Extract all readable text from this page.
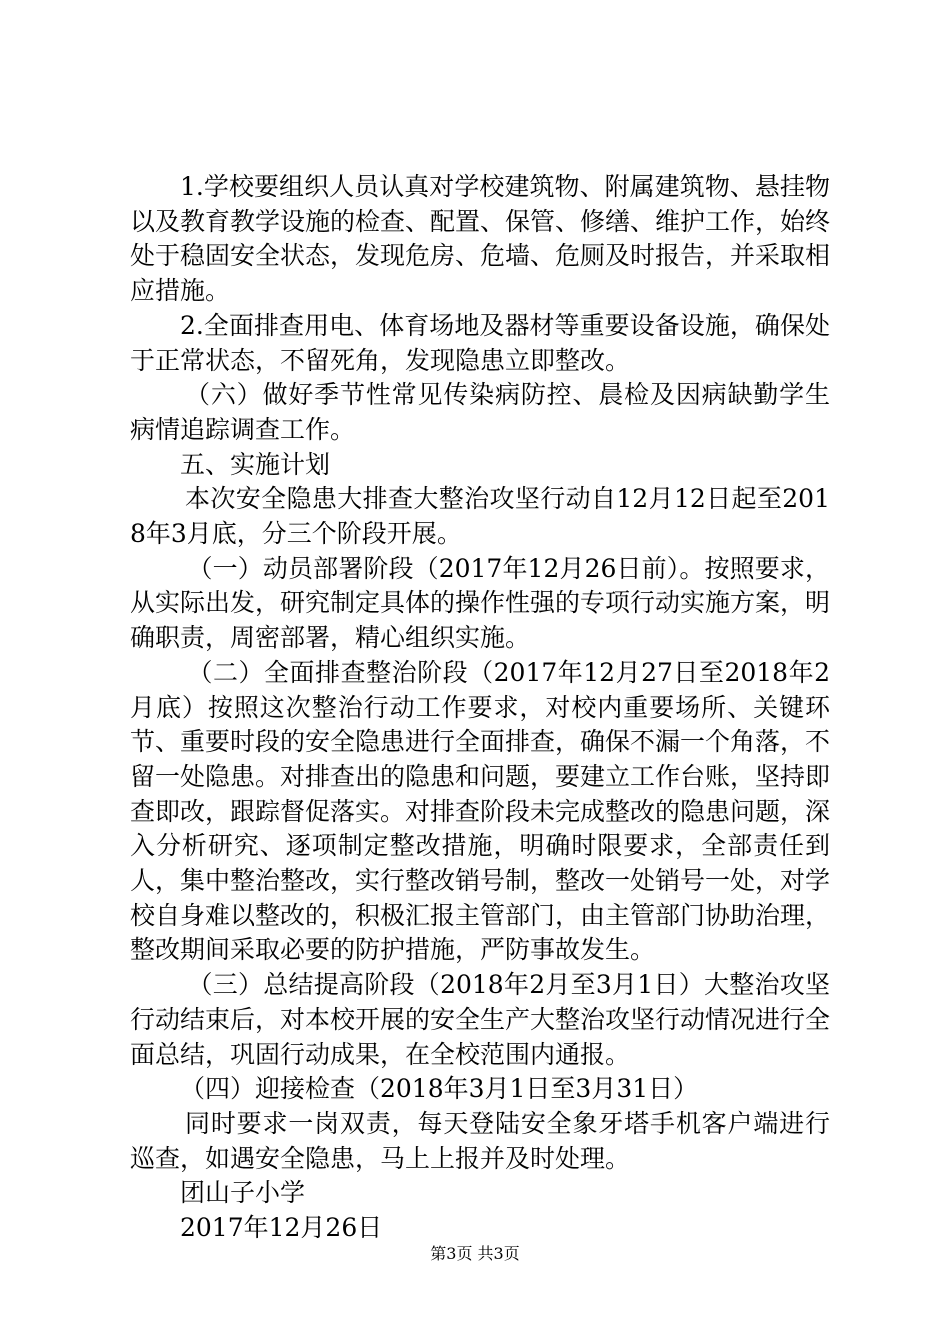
1.学校要组织人员认真对学校建筑物、附属建筑物、悬挂物以及教育教学设施的检查、配置、保管、修缮、维护工作，始终处于稳固安全状态，发现危房、危墙、危厕及时报告，并采取相应措施。

2.全面排查用电、体育场地及器材等重要设备设施，确保处于正常状态，不留死角，发现隐患立即整改。

（六）做好季节性常见传染病防控、晨检及因病缺勤学生病情追踪调查工作。

五、实施计划

本次安全隐患大排查大整治攻坚行动自12月12日起至2018年3月底，分三个阶段开展。

（一）动员部署阶段（2017年12月26日前）。按照要求，从实际出发，研究制定具体的操作性强的专项行动实施方案，明确职责，周密部署，精心组织实施。

（二）全面排查整治阶段（2017年12月27日至2018年2月底）按照这次整治行动工作要求，对校内重要场所、关键环节、重要时段的安全隐患进行全面排查，确保不漏一个角落，不留一处隐患。对排查出的隐患和问题，要建立工作台账，坚持即查即改，跟踪督促落实。对排查阶段未完成整改的隐患问题，深入分析研究、逐项制定整改措施，明确时限要求，全部责任到人，集中整治整改，实行整改销号制，整改一处销号一处，对学校自身难以整改的，积极汇报主管部门，由主管部门协助治理，整改期间采取必要的防护措施，严防事故发生。

（三）总结提高阶段（2018年2月至3月1日）大整治攻坚行动结束后，对本校开展的安全生产大整治攻坚行动情况进行全面总结，巩固行动成果，在全校范围内通报。

（四）迎接检查（2018年3月1日至3月31日）

同时要求一岗双责，每天登陆安全象牙塔手机客户端进行巡查，如遇安全隐患，马上上报并及时处理。

团山子小学

2017年12月26日

第3页 共3页
